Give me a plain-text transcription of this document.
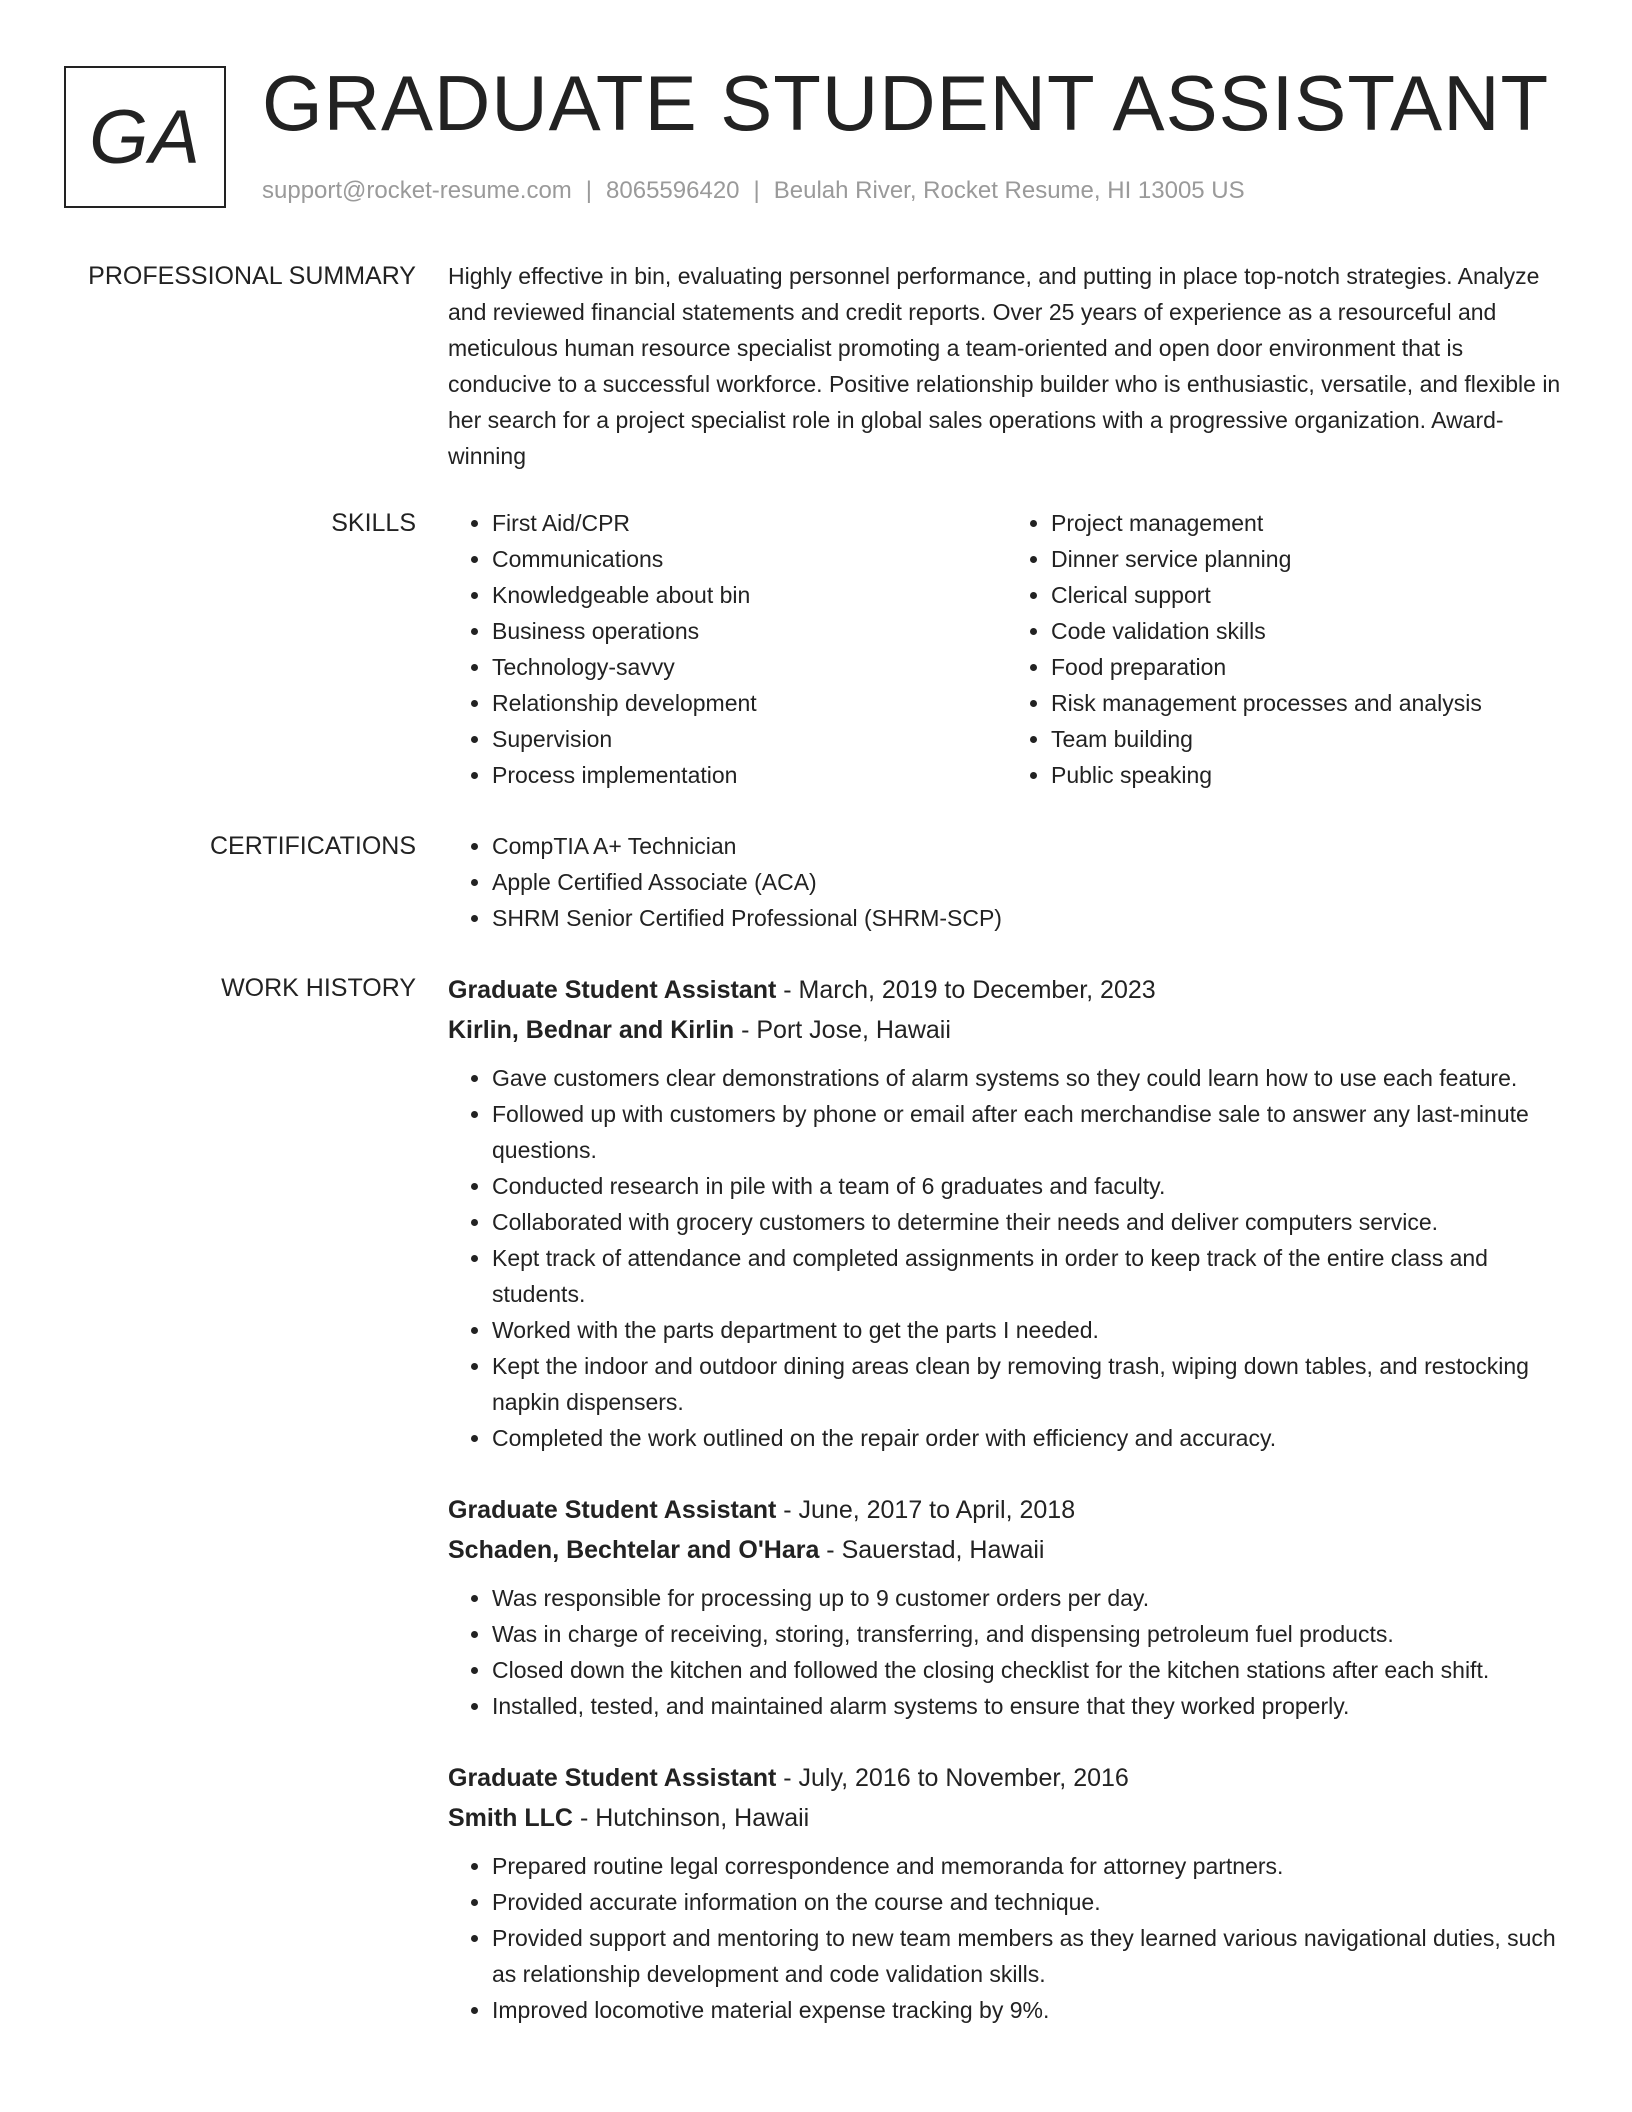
GA GRADUATE STUDENT ASSISTANT
support@rocket-resume.com | 8065596420 | Beulah River, Rocket Resume, HI 13005 US
PROFESSIONAL SUMMARY Highly effective in bin, evaluating personnel performance, and putting in place top-notch strategies. Analyze and reviewed financial statements and credit reports. Over 25 years of experience as a resourceful and meticulous human resource specialist promoting a team-oriented and open door environment that is conducive to a successful workforce. Positive relationship builder who is enthusiastic, versatile, and flexible in her search for a project specialist role in global sales operations with a progressive organization. Award-winning

SKILLS	• First Aid/CPR
• Communications
• Knowledgeable about bin
• Business operations
• Technology-savvy
• Relationship development
• Supervision
• Process implementation
• Project management
• Dinner service planning
• Clerical support
• Code validation skills
• Food preparation
• Risk management processes and analysis
• Team building
• Public speaking
CERTIFICATIONS	• CompTIA A+ Technician
• Apple Certified Associate (ACA)
• SHRM Senior Certified Professional (SHRM-SCP)
WORK HISTORY Graduate Student Assistant - March, 2019 to December, 2023
Kirlin, Bednar and Kirlin - Port Jose, Hawaii
• Gave customers clear demonstrations of alarm systems so they could learn how to use each feature.
• Followed up with customers by phone or email after each merchandise sale to answer any last-minute questions.
• Conducted research in pile with a team of 6 graduates and faculty.
• Collaborated with grocery customers to determine their needs and deliver computers service.
• Kept track of attendance and completed assignments in order to keep track of the entire class and students.
• Worked with the parts department to get the parts I needed.
• Kept the indoor and outdoor dining areas clean by removing trash, wiping down tables, and restocking napkin dispensers.
• Completed the work outlined on the repair order with efficiency and accuracy.
Graduate Student Assistant - June, 2017 to April, 2018
Schaden, Bechtelar and O'Hara - Sauerstad, Hawaii
• Was responsible for processing up to 9 customer orders per day.
• Was in charge of receiving, storing, transferring, and dispensing petroleum fuel products.
• Closed down the kitchen and followed the closing checklist for the kitchen stations after each shift.
• Installed, tested, and maintained alarm systems to ensure that they worked properly.
Graduate Student Assistant - July, 2016 to November, 2016
Smith LLC - Hutchinson, Hawaii
• Prepared routine legal correspondence and memoranda for attorney partners.
• Provided accurate information on the course and technique.
• Provided support and mentoring to new team members as they learned various navigational duties, such as relationship development and code validation skills.
• Improved locomotive material expense tracking by 9%.
